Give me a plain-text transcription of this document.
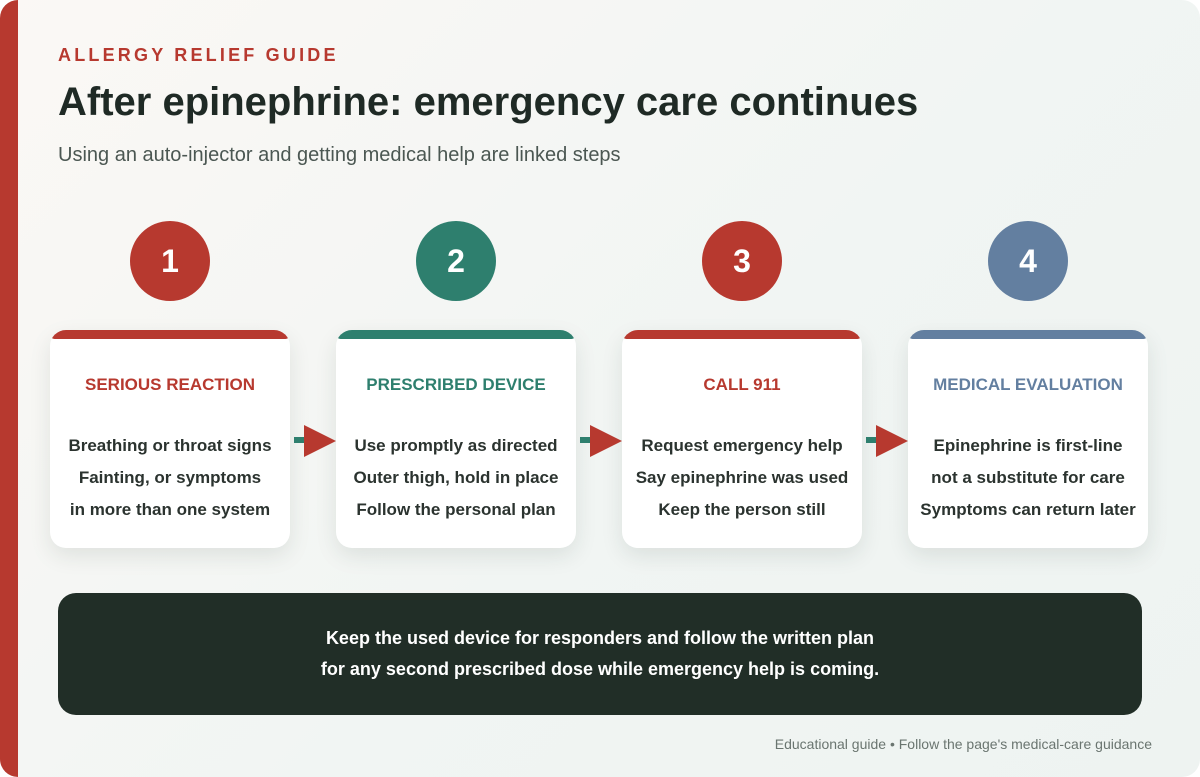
ALLERGY RELIEF GUIDE
After epinephrine: emergency care continues
Using an auto-injector and getting medical help are linked steps
1	2	3	4
SERIOUS REACTION
Breathing or throat signs
Fainting, or symptoms
in more than one system
PRESCRIBED DEVICE
Use promptly as directed
Outer thigh, hold in place
Follow the personal plan
CALL 911
Request emergency help
Say epinephrine was used
Keep the person still
MEDICAL EVALUATION
Epinephrine is first-line
not a substitute for care
Symptoms can return later
Keep the used device for responders and follow the written plan
for any second prescribed dose while emergency help is coming.
Educational guide • Follow the page's medical-care guidance
